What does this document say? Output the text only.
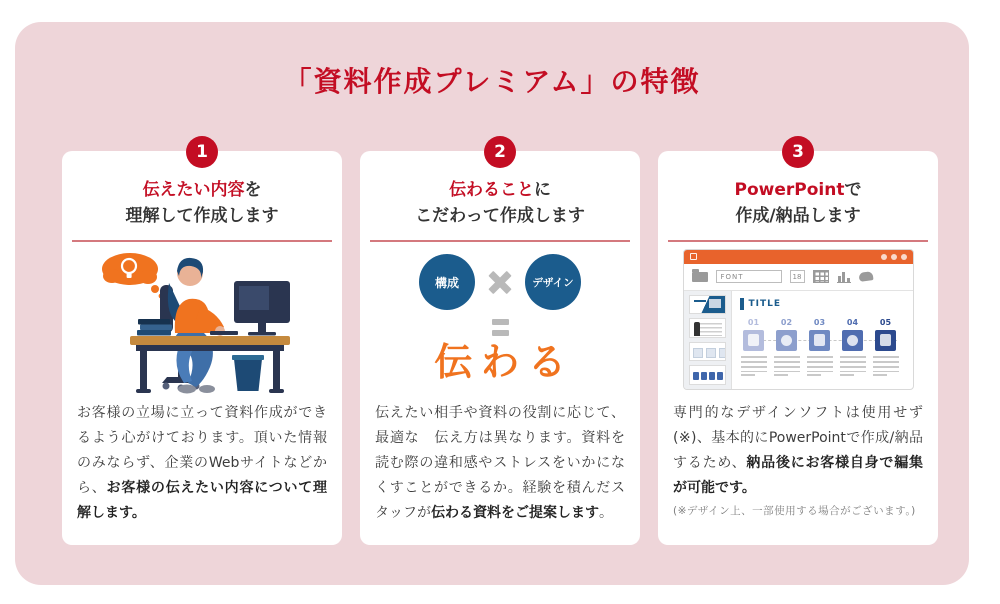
「資料作成プレミアム」の特徴
1
伝えたい内容を
理解して作成します

お客様の立場に立って資料作成ができるよう心がけております。頂いた情報のみならず、企業のWebサイトなどから、お客様の伝えたい内容について理解します。

2
伝わることに
こだわって作成します
構成	デザイン
伝わる

伝えたい相手や資料の役割に応じて、最適な　伝え方は異なります。資料を読む際の違和感やストレスをいかになくすことができるか。経験を積んだスタッフが伝わる資料をご提案します。

3
PowerPointで
作成/納品します
FONT	18
TITLE
01	02	03	04	05

専門的なデザインソフトは使用せず(※)、基本的にPowerPointで作成/納品するため、納品後にお客様自身で編集が可能です。

(※デザイン上、一部使用する場合がございます。)
